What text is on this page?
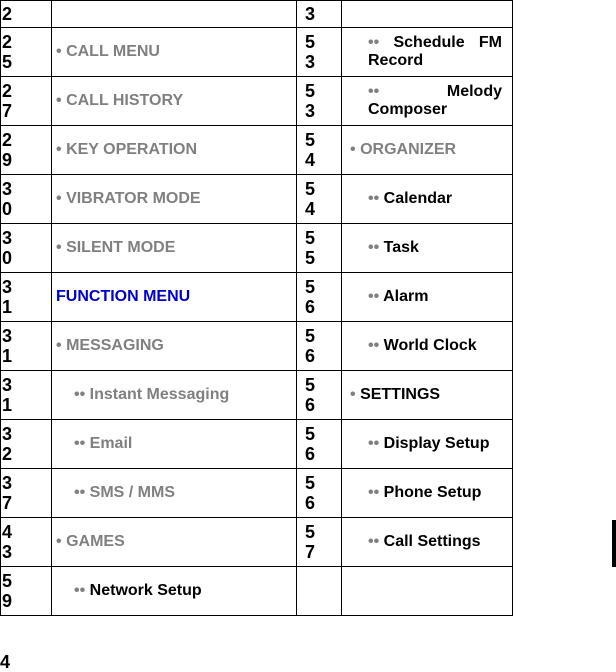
2		3	

25	• CALL MENU	53	•• Schedule FM Record

27	• CALL HISTORY	53	•• Melody Composer

29	• KEY OPERATION	54	• ORGANIZER

30	• VIBRATOR MODE	54	•• Calendar

30	• SILENT MODE	55	•• Task

31	FUNCTION MENU	56	•• Alarm

31	• MESSAGING	56	•• World Clock

31	•• Instant Messaging	56	• SETTINGS

32	•• Email	56	•• Display Setup

37	•• SMS / MMS	56	•• Phone Setup

43	• GAMES	57	•• Call Settings

59	•• Network Setup	

4
